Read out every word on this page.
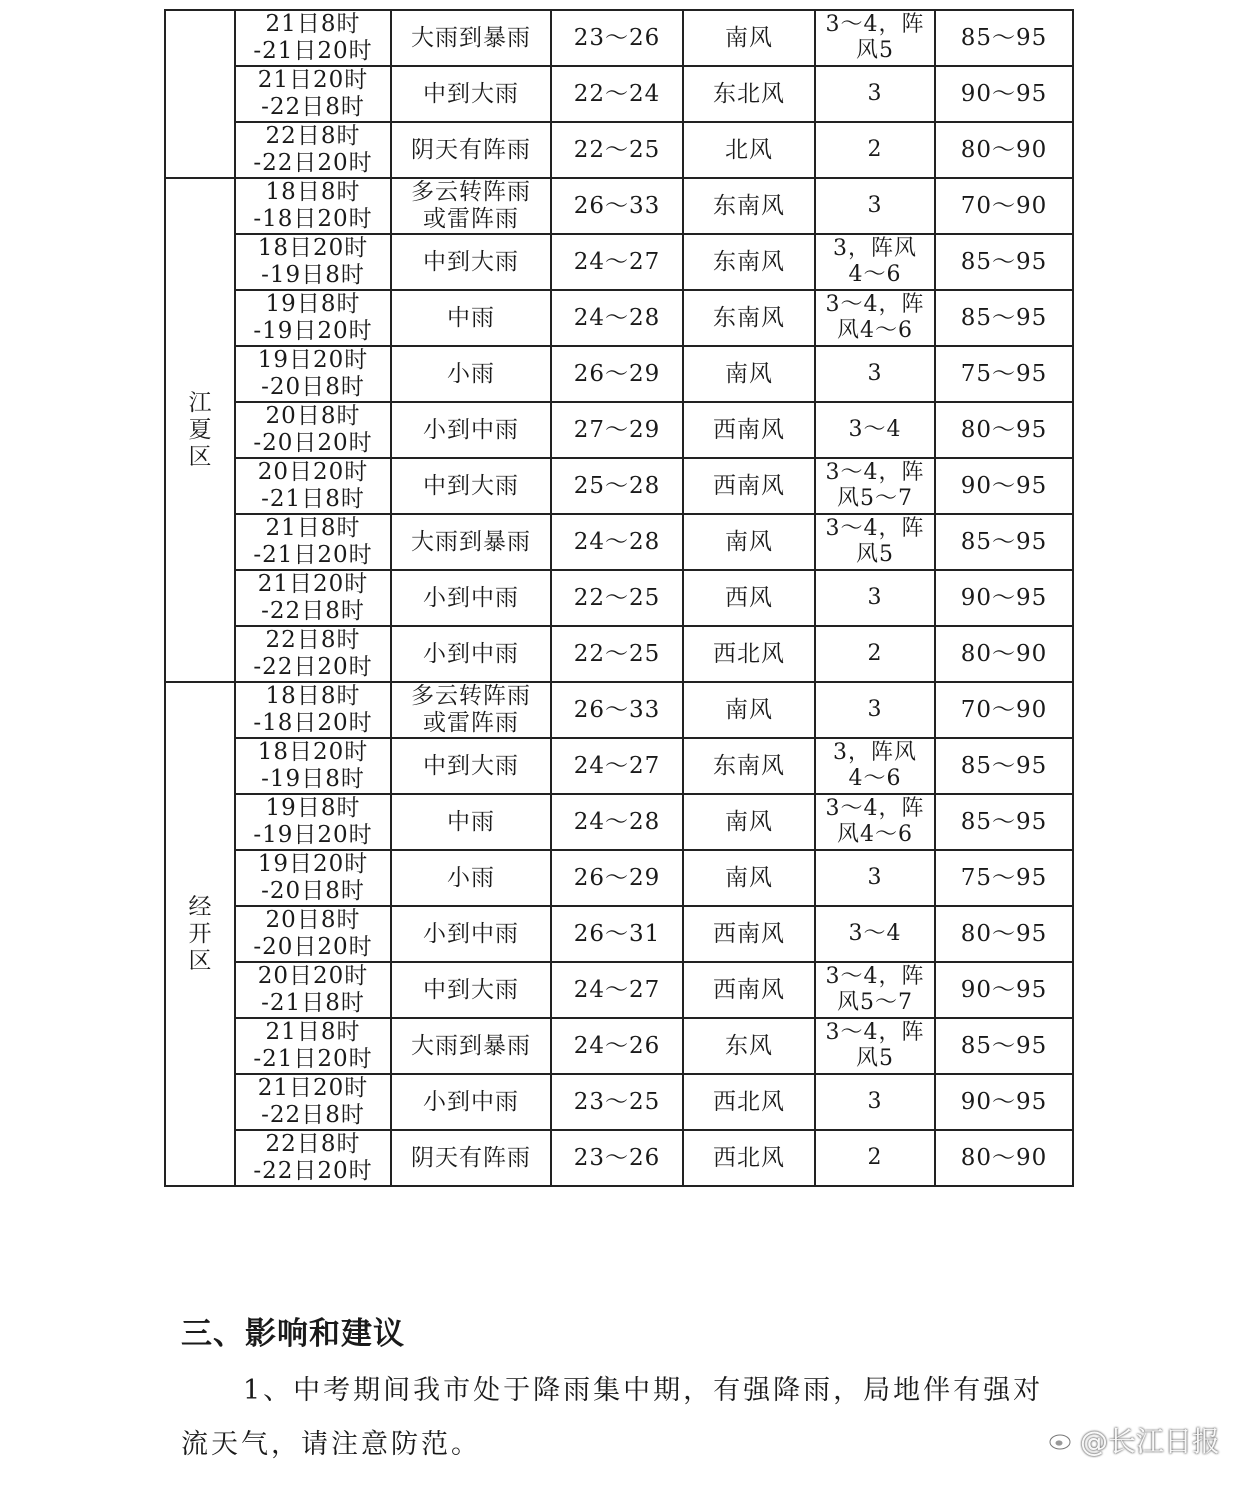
	21日8时
-21日20时	大雨到暴雨	23～26	南风	3～4，阵
风5	85～95

	21日20时
-22日8时	中到大雨	22～24	东北风	3	90～95

	22日8时
-22日20时	阴天有阵雨	22～25	北风	2	80～90
江夏区	18日8时
-18日20时	多云转阵雨
或雷阵雨	26～33	东南风	3	70～90

	18日20时
-19日8时	中到大雨	24～27	东南风	3，阵风
4～6	85～95

	19日8时
-19日20时	中雨	24～28	东南风	3～4，阵
风4～6	85～95

	19日20时
-20日8时	小雨	26～29	南风	3	75～95

	20日8时
-20日20时	小到中雨	27～29	西南风	3～4	80～95

	20日20时
-21日8时	中到大雨	25～28	西南风	3～4，阵
风5～7	90～95

	21日8时
-21日20时	大雨到暴雨	24～28	南风	3～4，阵
风5	85～95

	21日20时
-22日8时	小到中雨	22～25	西风	3	90～95

	22日8时
-22日20时	小到中雨	22～25	西北风	2	80～90
经开区	18日8时
-18日20时	多云转阵雨
或雷阵雨	26～33	南风	3	70～90

	18日20时
-19日8时	中到大雨	24～27	东南风	3，阵风
4～6	85～95

	19日8时
-19日20时	中雨	24～28	南风	3～4，阵
风4～6	85～95

	19日20时
-20日8时	小雨	26～29	南风	3	75～95

	20日8时
-20日20时	小到中雨	26～31	西南风	3～4	80～95

	20日20时
-21日8时	中到大雨	24～27	西南风	3～4，阵
风5～7	90～95

	21日8时
-21日20时	大雨到暴雨	24～26	东风	3～4，阵
风5	85～95

	21日20时
-22日8时	小到中雨	23～25	西北风	3	90～95

	22日8时
-22日20时	阴天有阵雨	23～26	西北风	2	80～90
三、影响和建议

1、中考期间我市处于降雨集中期，有强降雨，局地伴有强对流天气，请注意防范。	@长江日报
